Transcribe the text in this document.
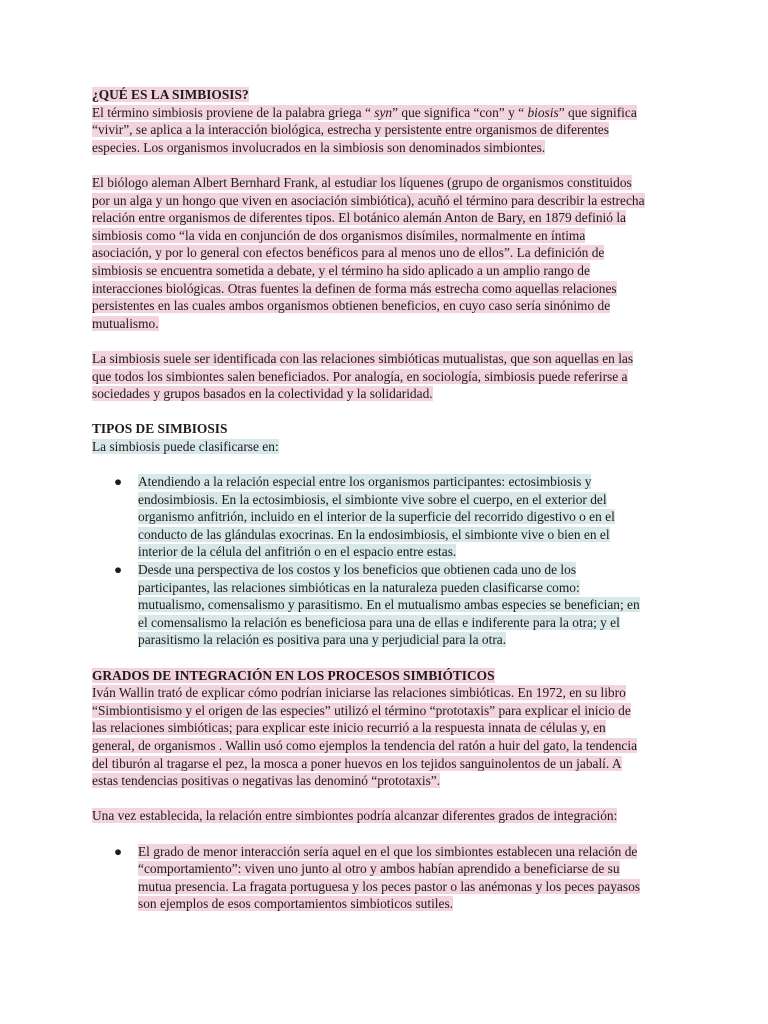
¿QUÉ ES LA SIMBIOSIS?

El término simbiosis proviene de la palabra griega “ syn” que significa “con” y “ biosis” que significa “vivir”, se aplica a la interacción biológica, estrecha y persistente entre organismos de diferentes especies. Los organismos involucrados en la simbiosis son denominados simbiontes.

El biólogo aleman Albert Bernhard Frank, al estudiar los líquenes (grupo de organismos constituidos por un alga y un hongo que viven en asociación simbiótica), acuñó el término para describir la estrecha relación entre organismos de diferentes tipos. El botánico alemán Anton de Bary, en 1879 definió la simbiosis como “la vida en conjunción de dos organismos disímiles, normalmente en íntima asociación, y por lo general con efectos benéficos para al menos uno de ellos”. La definición de simbiosis se encuentra sometida a debate, y el término ha sido aplicado a un amplio rango de interacciones biológicas. Otras fuentes la definen de forma más estrecha como aquellas relaciones persistentes en las cuales ambos organismos obtienen beneficios, en cuyo caso sería sinónimo de mutualismo.

La simbiosis suele ser identificada con las relaciones simbióticas mutualistas, que son aquellas en las que todos los simbiontes salen beneficiados. Por analogía, en sociología, simbiosis puede referirse a sociedades y grupos basados en la colectividad y la solidaridad.

TIPOS DE SIMBIOSIS

La simbiosis puede clasificarse en:

●	Atendiendo a la relación especial entre los organismos participantes: ectosimbiosis y endosimbiosis. En la ectosimbiosis, el simbionte vive sobre el cuerpo, en el exterior del organismo anfitrión, incluido en el interior de la superficie del recorrido digestivo o en el conducto de las glándulas exocrinas. En la endosimbiosis, el simbionte vive o bien en el interior de la célula del anfitrión o en el espacio entre estas.
●	Desde una perspectiva de los costos y los beneficios que obtienen cada uno de los participantes, las relaciones simbióticas en la naturaleza pueden clasificarse como: mutualismo, comensalismo y parasitismo. En el mutualismo ambas especies se benefician; en el comensalismo la relación es beneficiosa para una de ellas e indiferente para la otra; y el parasitismo la relación es positiva para una y perjudicial para la otra.
GRADOS DE INTEGRACIÓN EN LOS PROCESOS SIMBIÓTICOS

Iván Wallin trató de explicar cómo podrían iniciarse las relaciones simbióticas. En 1972, en su libro “Simbiontisismo y el origen de las especies” utilizó el término “prototaxis” para explicar el inicio de las relaciones simbióticas; para explicar este inicio recurrió a la respuesta innata de células y, en general, de organismos . Wallin usó como ejemplos la tendencia del ratón a huir del gato, la tendencia del tiburón al tragarse el pez, la mosca a poner huevos en los tejidos sanguinolentos de un jabalí. A estas tendencias positivas o negativas las denominó “prototaxis”.

Una vez establecida, la relación entre simbiontes podría alcanzar diferentes grados de integración:

●	El grado de menor interacción sería aquel en el que los simbiontes establecen una relación de “comportamiento”: viven uno junto al otro y ambos habían aprendido a beneficiarse de su mutua presencia. La fragata portuguesa y los peces pastor o las anémonas y los peces payasos son ejemplos de esos comportamientos simbioticos sutiles.
